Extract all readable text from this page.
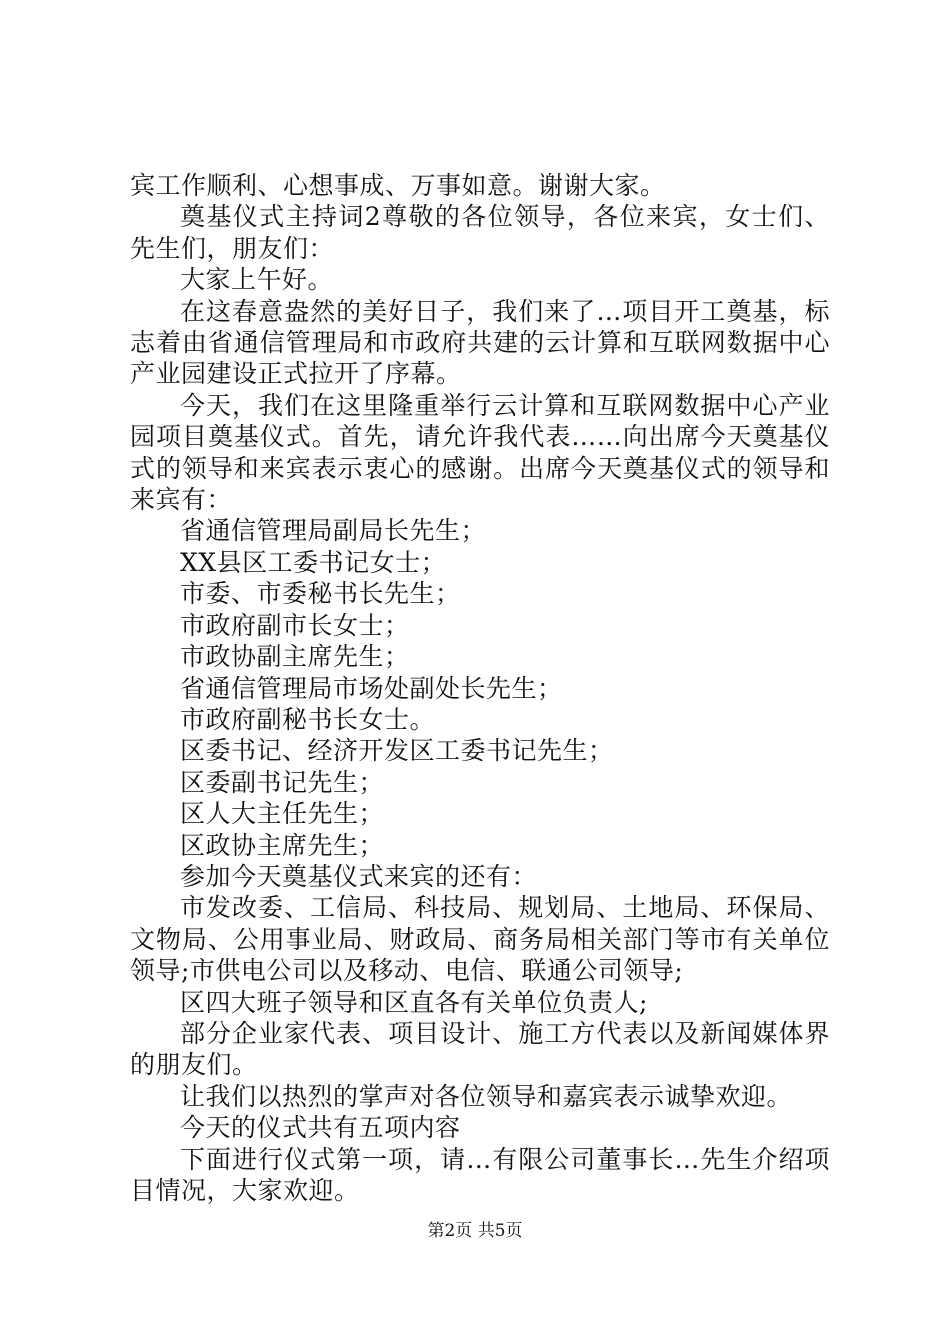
宾工作顺利、心想事成、万事如意。谢谢大家。

奠基仪式主持词2尊敬的各位领导，各位来宾，女士们、先生们，朋友们：

大家上午好。

在这春意盎然的美好日子，我们来了…项目开工奠基，标志着由省通信管理局和市政府共建的云计算和互联网数据中心产业园建设正式拉开了序幕。

今天，我们在这里隆重举行云计算和互联网数据中心产业园项目奠基仪式。首先，请允许我代表……向出席今天奠基仪式的领导和来宾表示衷心的感谢。出席今天奠基仪式的领导和来宾有：

省通信管理局副局长先生；

XX县区工委书记女士；

市委、市委秘书长先生；

市政府副市长女士；

市政协副主席先生；

省通信管理局市场处副处长先生；

市政府副秘书长女士。

区委书记、经济开发区工委书记先生；

区委副书记先生；

区人大主任先生；

区政协主席先生；

参加今天奠基仪式来宾的还有：

市发改委、工信局、科技局、规划局、土地局、环保局、文物局、公用事业局、财政局、商务局相关部门等市有关单位领导;市供电公司以及移动、电信、联通公司领导;

区四大班子领导和区直各有关单位负责人;

部分企业家代表、项目设计、施工方代表以及新闻媒体界的朋友们。

让我们以热烈的掌声对各位领导和嘉宾表示诚挚欢迎。

今天的仪式共有五项内容

下面进行仪式第一项，请…有限公司董事长…先生介绍项目情况，大家欢迎。

第2页 共5页
